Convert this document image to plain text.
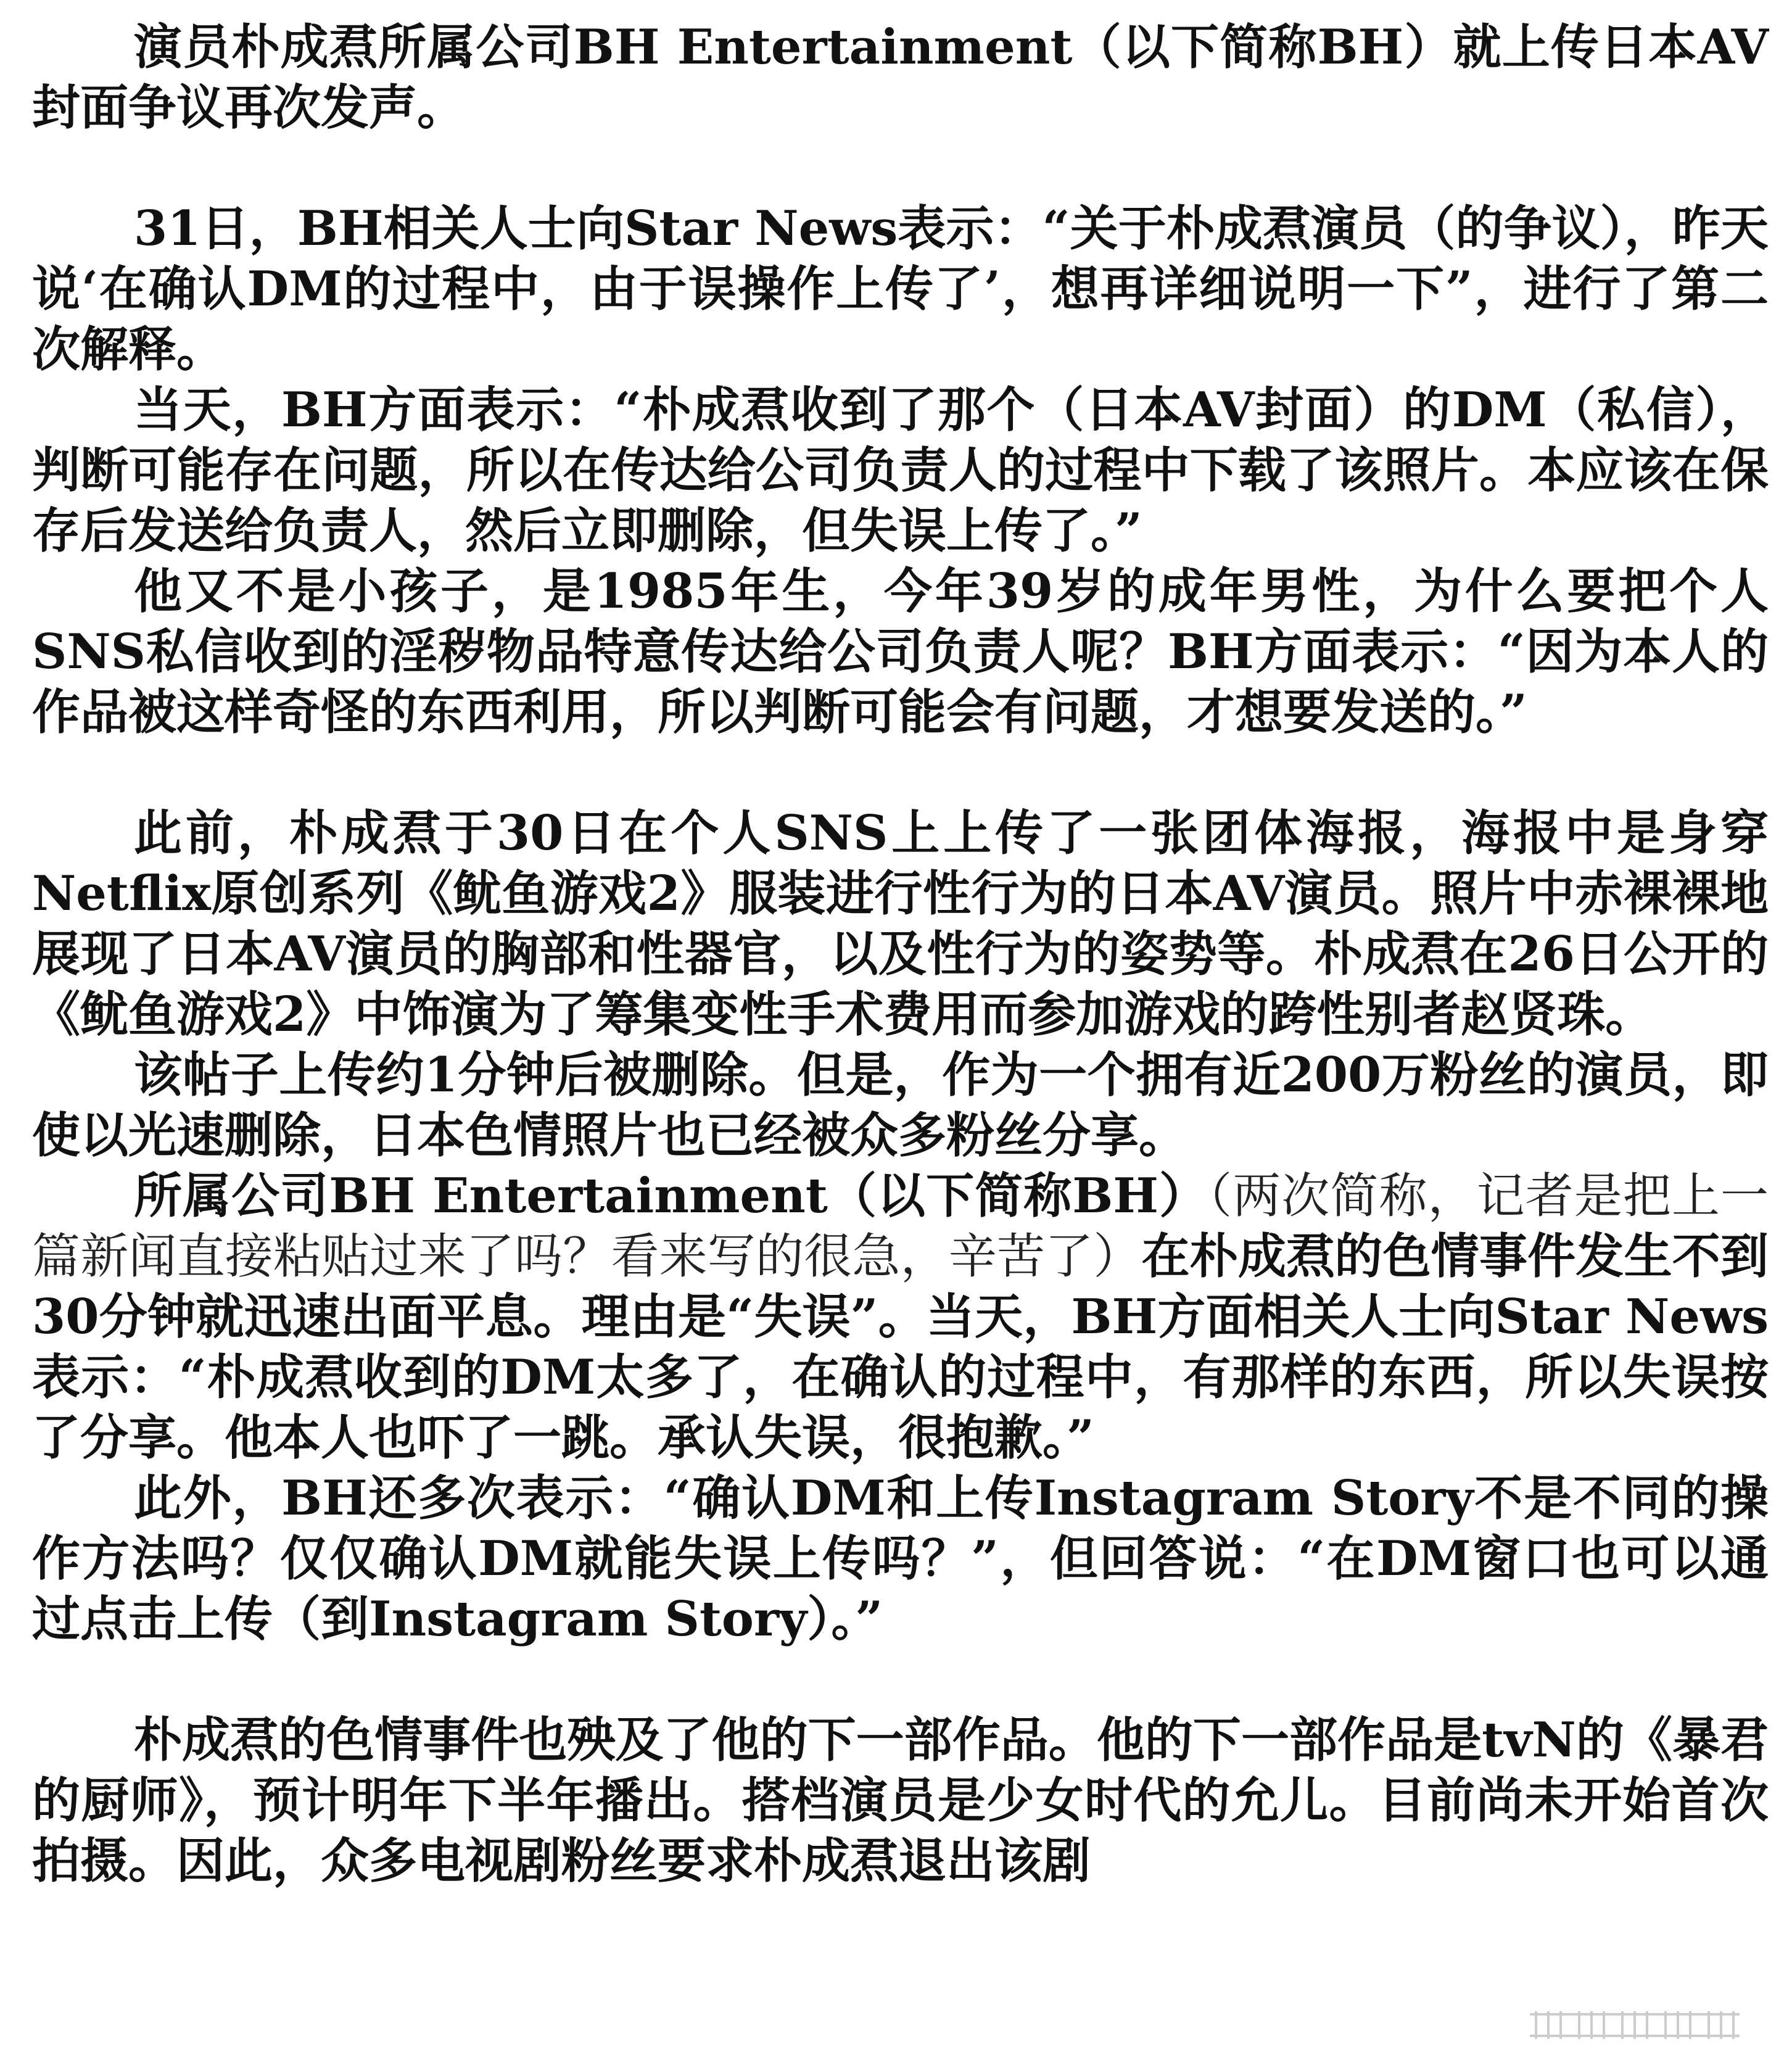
演员朴成焄所属公司BH Entertainment（以下简称BH）就上传日本AV封面争议再次发声。

31日，BH相关人士向Star News表示：“关于朴成焄演员（的争议），昨天说‘在确认DM的过程中，由于误操作上传了’，想再详细说明一下”，进行了第二次解释。

当天，BH方面表示：“朴成焄收到了那个（日本AV封面）的DM（私信），判断可能存在问题，所以在传达给公司负责人的过程中下载了该照片。本应该在保存后发送给负责人，然后立即删除，但失误上传了。”

他又不是小孩子，是1985年生，今年39岁的成年男性，为什么要把个人SNS私信收到的淫秽物品特意传达给公司负责人呢？BH方面表示：“因为本人的作品被这样奇怪的东西利用，所以判断可能会有问题，才想要发送的。”

此前，朴成焄于30日在个人SNS上上传了一张团体海报，海报中是身穿Netflix原创系列《鱿鱼游戏2》服装进行性行为的日本AV演员。照片中赤裸裸地展现了日本AV演员的胸部和性器官，以及性行为的姿势等。朴成焄在26日公开的《鱿鱼游戏2》中饰演为了筹集变性手术费用而参加游戏的跨性别者赵贤珠。

该帖子上传约1分钟后被删除。但是，作为一个拥有近200万粉丝的演员，即使以光速删除，日本色情照片也已经被众多粉丝分享。

所属公司BH Entertainment（以下简称BH）（两次简称，记者是把上一篇新闻直接粘贴过来了吗？看来写的很急，辛苦了）在朴成焄的色情事件发生不到30分钟就迅速出面平息。理由是“失误”。当天，BH方面相关人士向Star News表示：“朴成焄收到的DM太多了，在确认的过程中，有那样的东西，所以失误按了分享。他本人也吓了一跳。承认失误，很抱歉。”

此外，BH还多次表示：“确认DM和上传Instagram Story不是不同的操作方法吗？仅仅确认DM就能失误上传吗？”，但回答说：“在DM窗口也可以通过点击上传（到Instagram Story）。”

朴成焄的色情事件也殃及了他的下一部作品。他的下一部作品是tvN的《暴君的厨师》，预计明年下半年播出。搭档演员是少女时代的允儿。目前尚未开始首次拍摄。因此，众多电视剧粉丝要求朴成焄退出该剧
